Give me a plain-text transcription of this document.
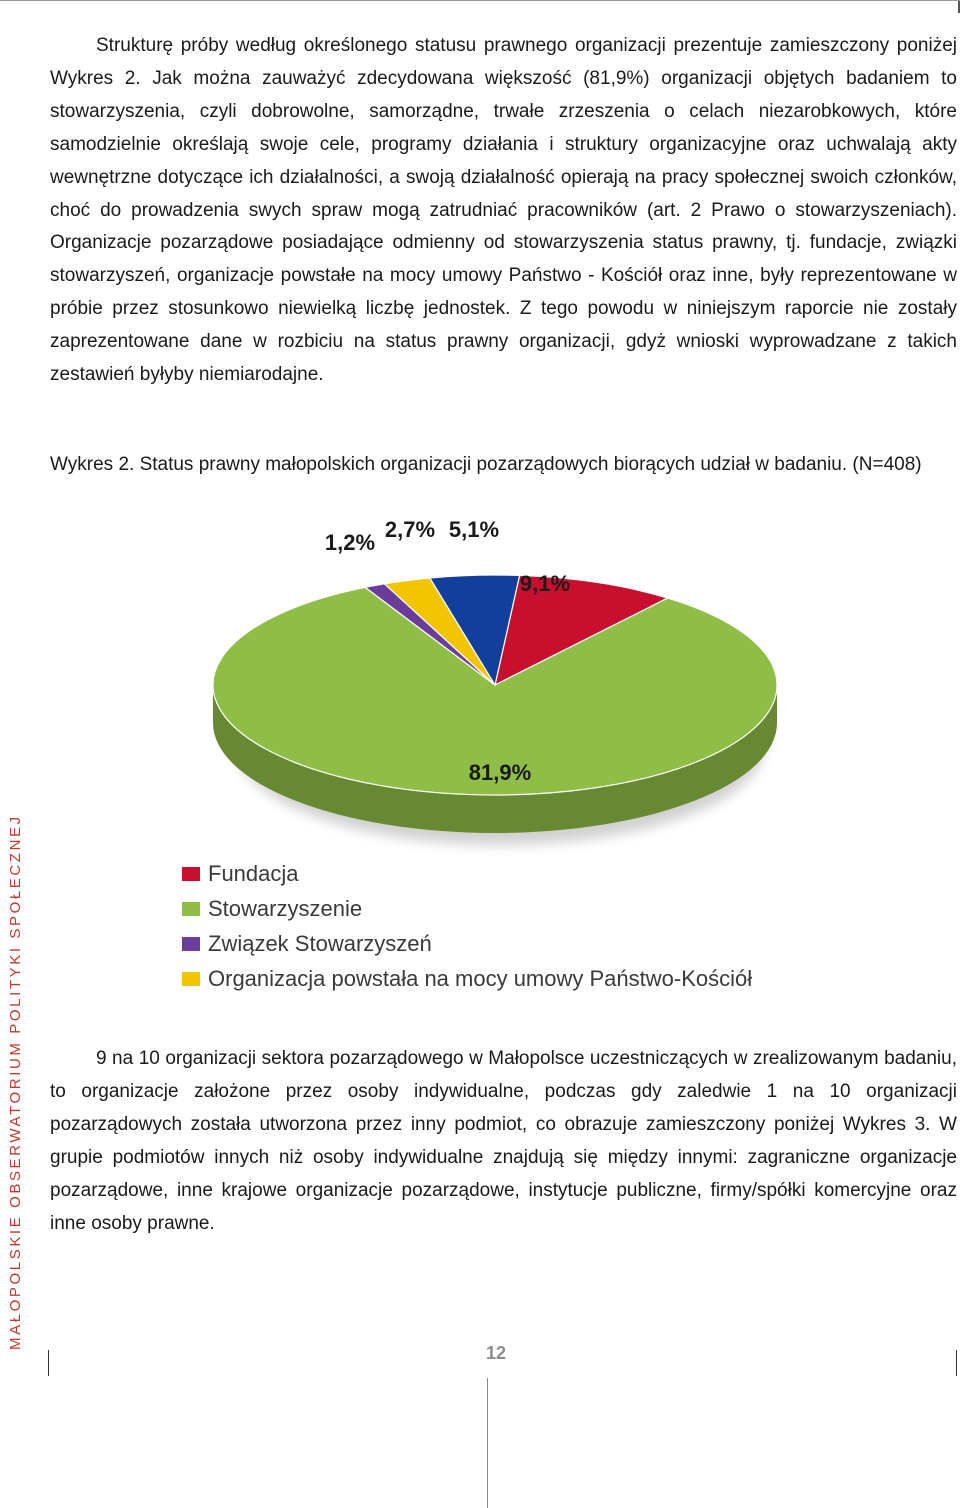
Strukturę próby według określonego statusu prawnego organizacji prezentuje zamieszczony poniżej Wykres 2. Jak można zauważyć zdecydowana większość (81,9%) organizacji objętych badaniem to stowarzyszenia, czyli dobrowolne, samorządne, trwałe zrzeszenia o celach niezarobkowych, które samodzielnie określają swoje cele, programy działania i struktury organizacyjne oraz uchwalają akty wewnętrzne dotyczące ich działalności, a swoją działalność opierają na pracy społecznej swoich członków, choć do prowadzenia swych spraw mogą zatrudniać pracowników (art. 2 Prawo o stowarzyszeniach). Organizacje pozarządowe posiadające odmienny od stowarzyszenia status prawny, tj. fundacje, związki stowarzyszeń, organizacje powstałe na mocy umowy Państwo - Kościół oraz inne, były reprezentowane w próbie przez stosunkowo niewielką liczbę jednostek. Z tego powodu w niniejszym raporcie nie zostały zaprezentowane dane w rozbiciu na status prawny organizacji, gdyż wnioski wyprowadzane z takich zestawień byłyby niemiarodajne.

Wykres 2. Status prawny małopolskich organizacji pozarządowych biorących udział w badaniu. (N=408)

9,1%
81,9%
1,2%
2,7% 5,1%
Fundacja
Stowarzyszenie
Związek Stowarzyszeń
Organizacja powstała na mocy umowy Państwo-Kościół

9 na 10 organizacji sektora pozarządowego w Małopolsce uczestniczących w zrealizowanym badaniu, to organizacje założone przez osoby indywidualne, podczas gdy zaledwie 1 na 10 organizacji pozarządowych została utworzona przez inny podmiot, co obrazuje zamieszczony poniżej Wykres 3. W grupie podmiotów innych niż osoby indywidualne znajdują się między innymi: zagraniczne organizacje pozarządowe, inne krajowe organizacje pozarządowe, instytucje publiczne, firmy/spółki komercyjne oraz inne osoby prawne.

MAŁOPOLSKIE OBSERWATORIUM POLITYKI SPOŁECZNEJ
12
